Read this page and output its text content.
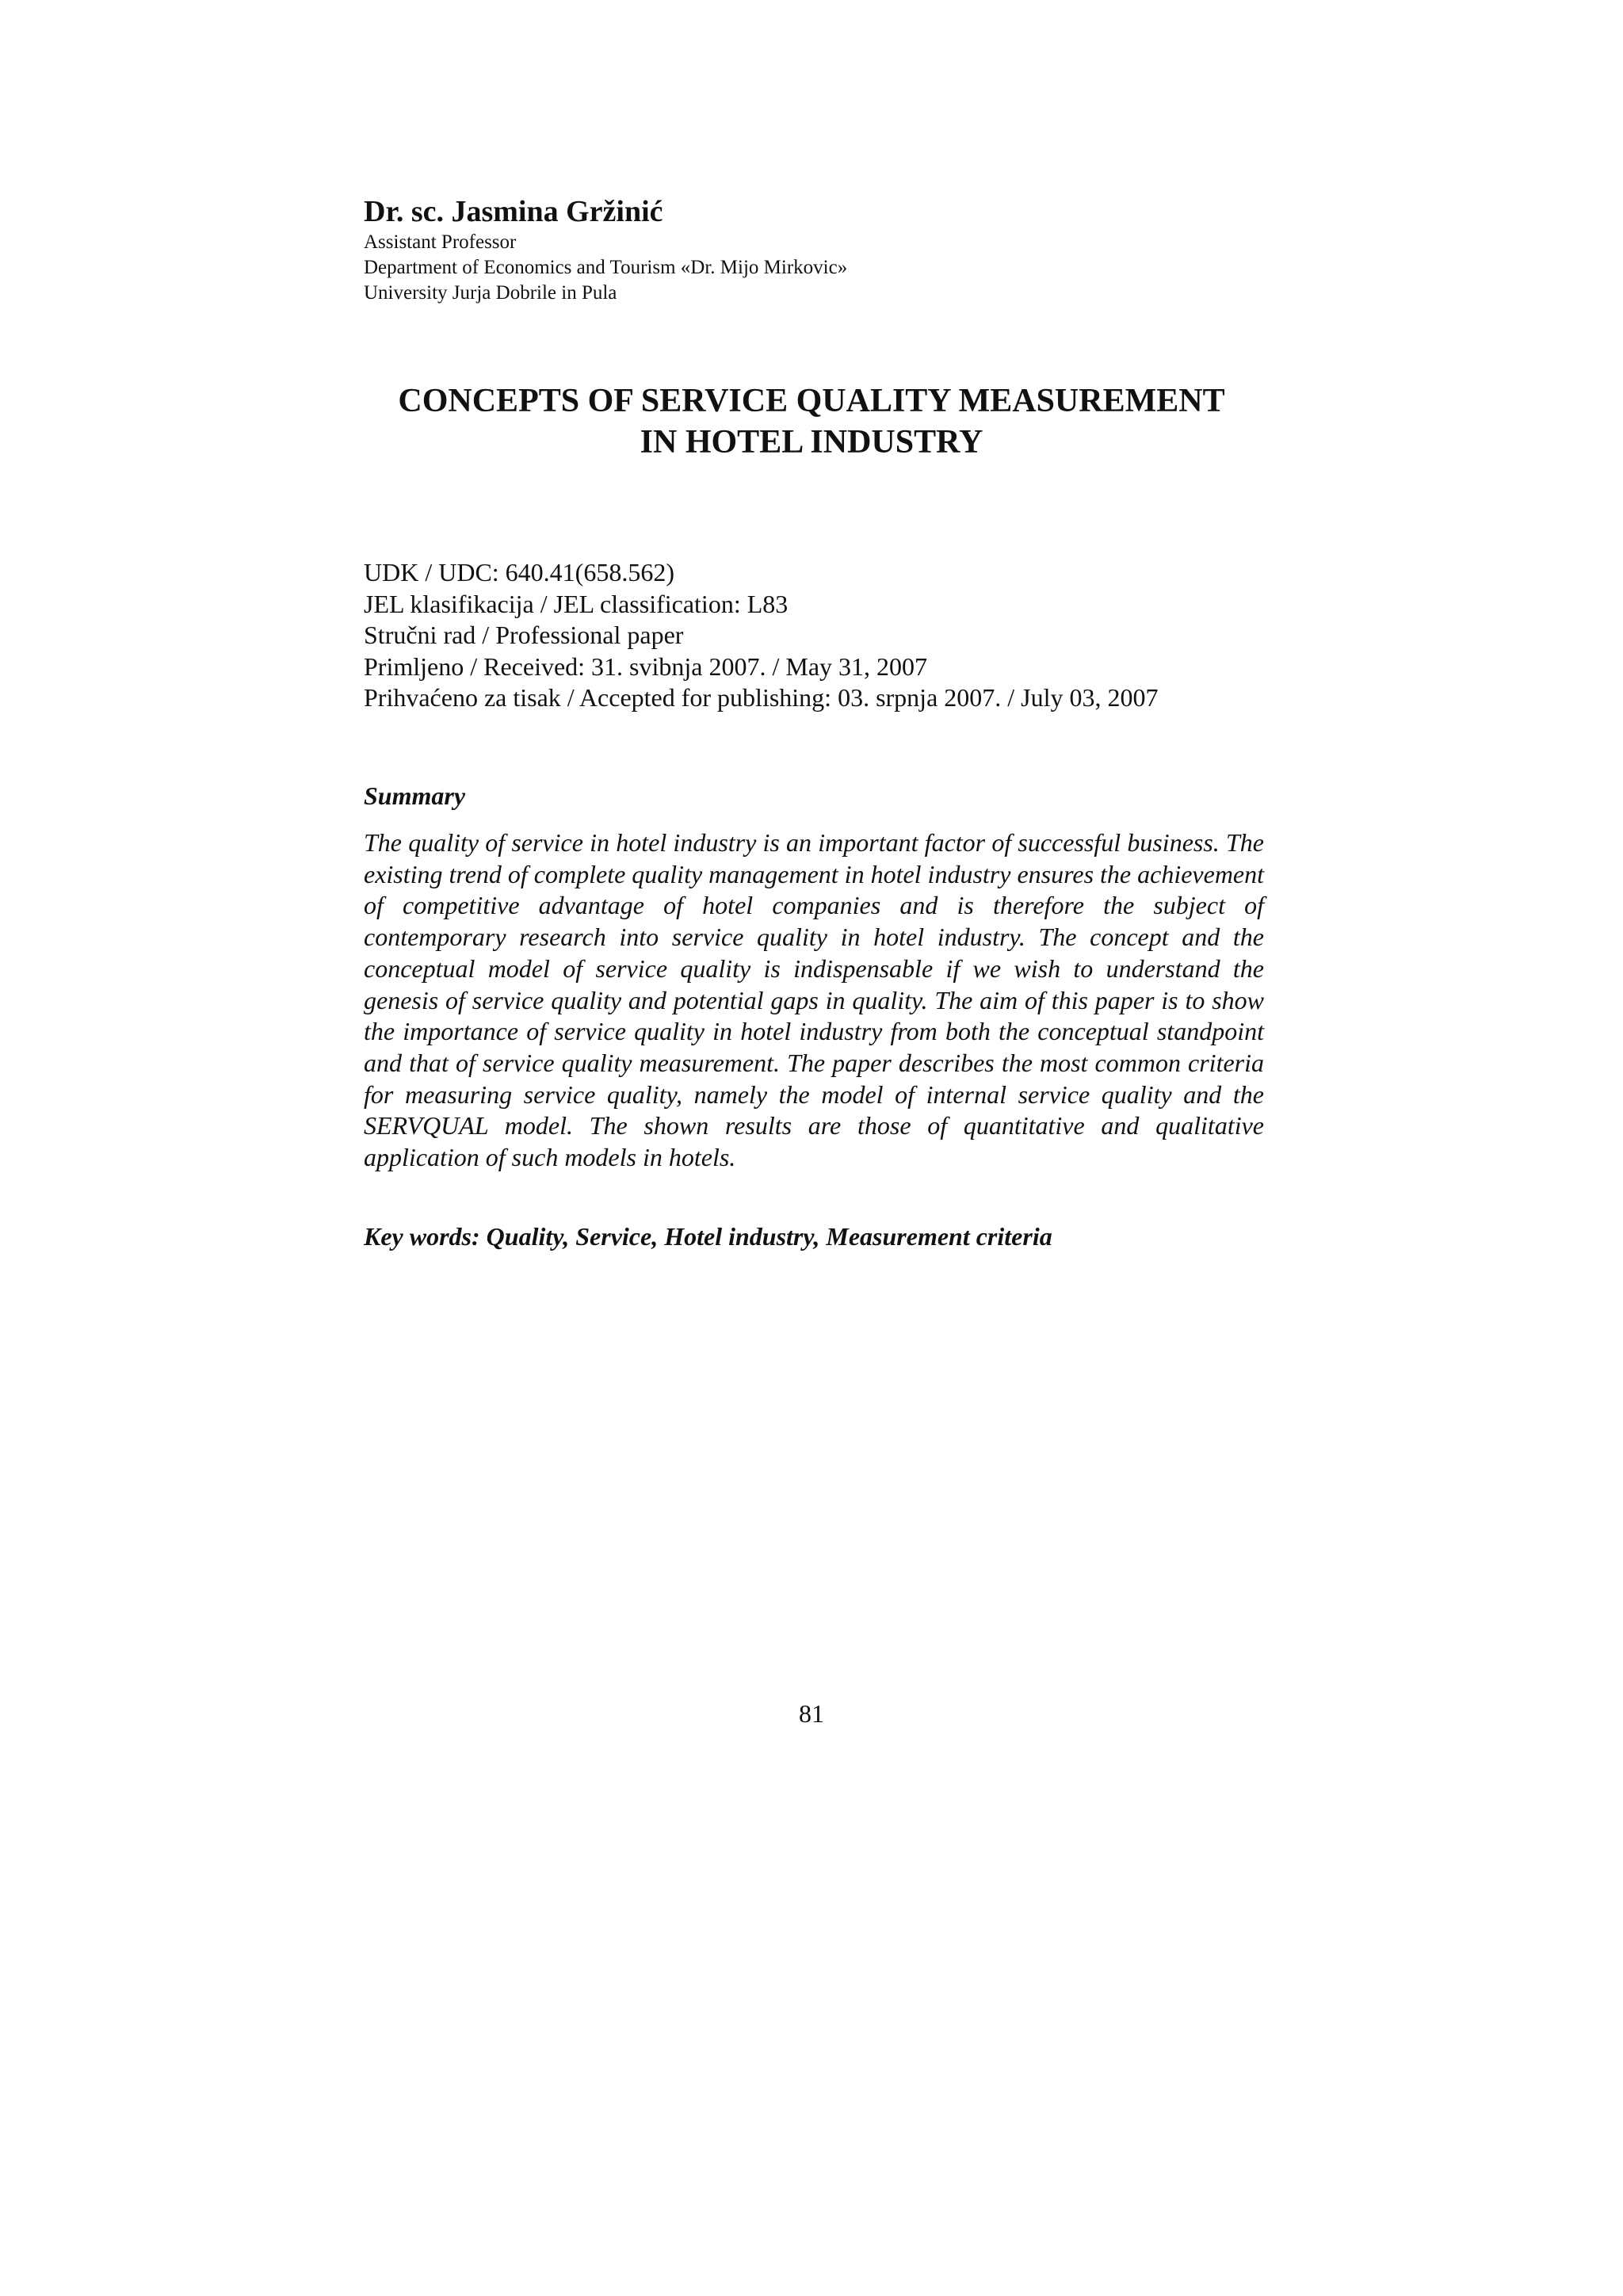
Dr. sc. Jasmina Gržinić

Assistant Professor

Department of Economics and Tourism «Dr. Mijo Mirkovic»

University Jurja Dobrile in Pula

CONCEPTS OF SERVICE QUALITY MEASUREMENT

IN HOTEL INDUSTRY

UDK / UDC: 640.41(658.562)

JEL klasifikacija / JEL classification: L83

Stručni rad / Professional paper

Primljeno / Received: 31. svibnja 2007. / May 31, 2007

Prihvaćeno za tisak / Accepted for publishing: 03. srpnja 2007. / July 03, 2007

Summary

The quality of service in hotel industry is an important factor of successful business. The existing trend of complete quality management in hotel industry ensures the achievement of competitive advantage of hotel companies and is therefore the subject of contemporary research into service quality in hotel industry. The concept and the conceptual model of service quality is indispensable if we wish to understand the genesis of service quality and potential gaps in quality. The aim of this paper is to show the importance of service quality in hotel industry from both the conceptual standpoint and that of service quality measurement. The paper describes the most common criteria for measuring service quality, namely the model of internal service quality and the SERVQUAL model. The shown results are those of quantitative and qualitative application of such models in hotels.

Key words: Quality, Service, Hotel industry, Measurement criteria

81
